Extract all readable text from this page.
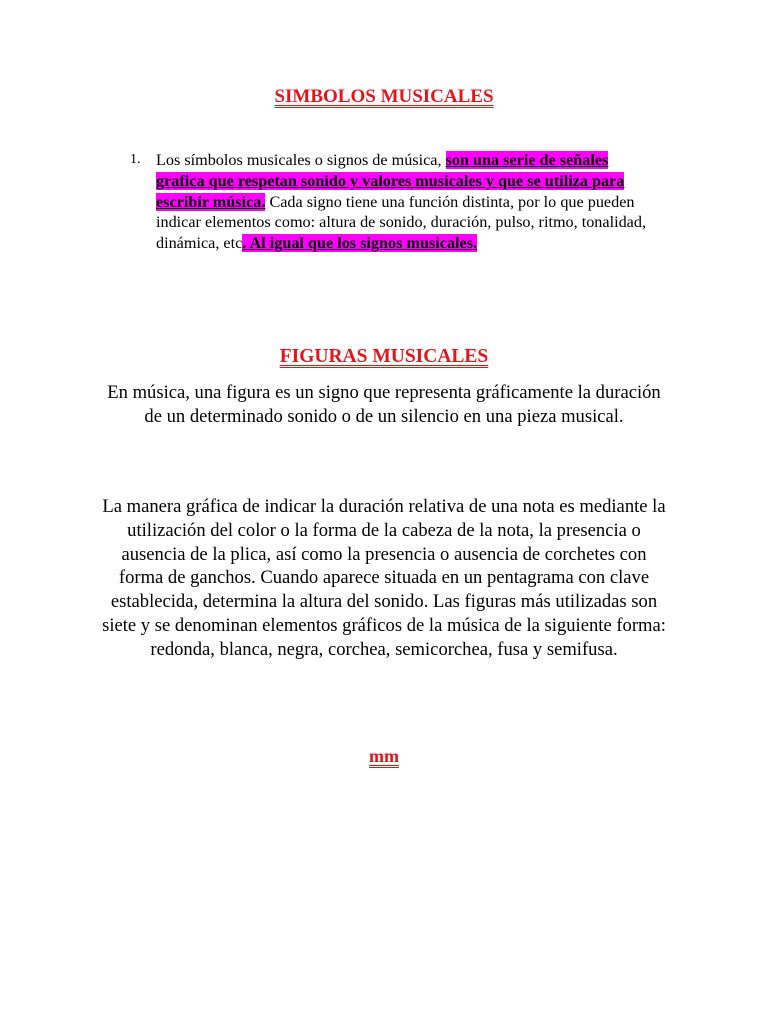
SIMBOLOS MUSICALES
1. Los símbolos musicales o signos de música, son una serie de señales grafica que respetan sonido y valores musicales y que se utiliza para escribir música. Cada signo tiene una función distinta, por lo que pueden indicar elementos como: altura de sonido, duración, pulso, ritmo, tonalidad, dinámica, etc. Al igual que los signos musicales.
FIGURAS MUSICALES
En música, una figura es un signo que representa gráficamente la duración de un determinado sonido o de un silencio en una pieza musical.
La manera gráfica de indicar la duración relativa de una nota es mediante la utilización del color o la forma de la cabeza de la nota, la presencia o ausencia de la plica, así como la presencia o ausencia de corchetes con forma de ganchos. Cuando aparece situada en un pentagrama con clave establecida, determina la altura del sonido. Las figuras más utilizadas son siete y se denominan elementos gráficos de la música de la siguiente forma: redonda, blanca, negra, corchea, semicorchea, fusa y semifusa.
mm
